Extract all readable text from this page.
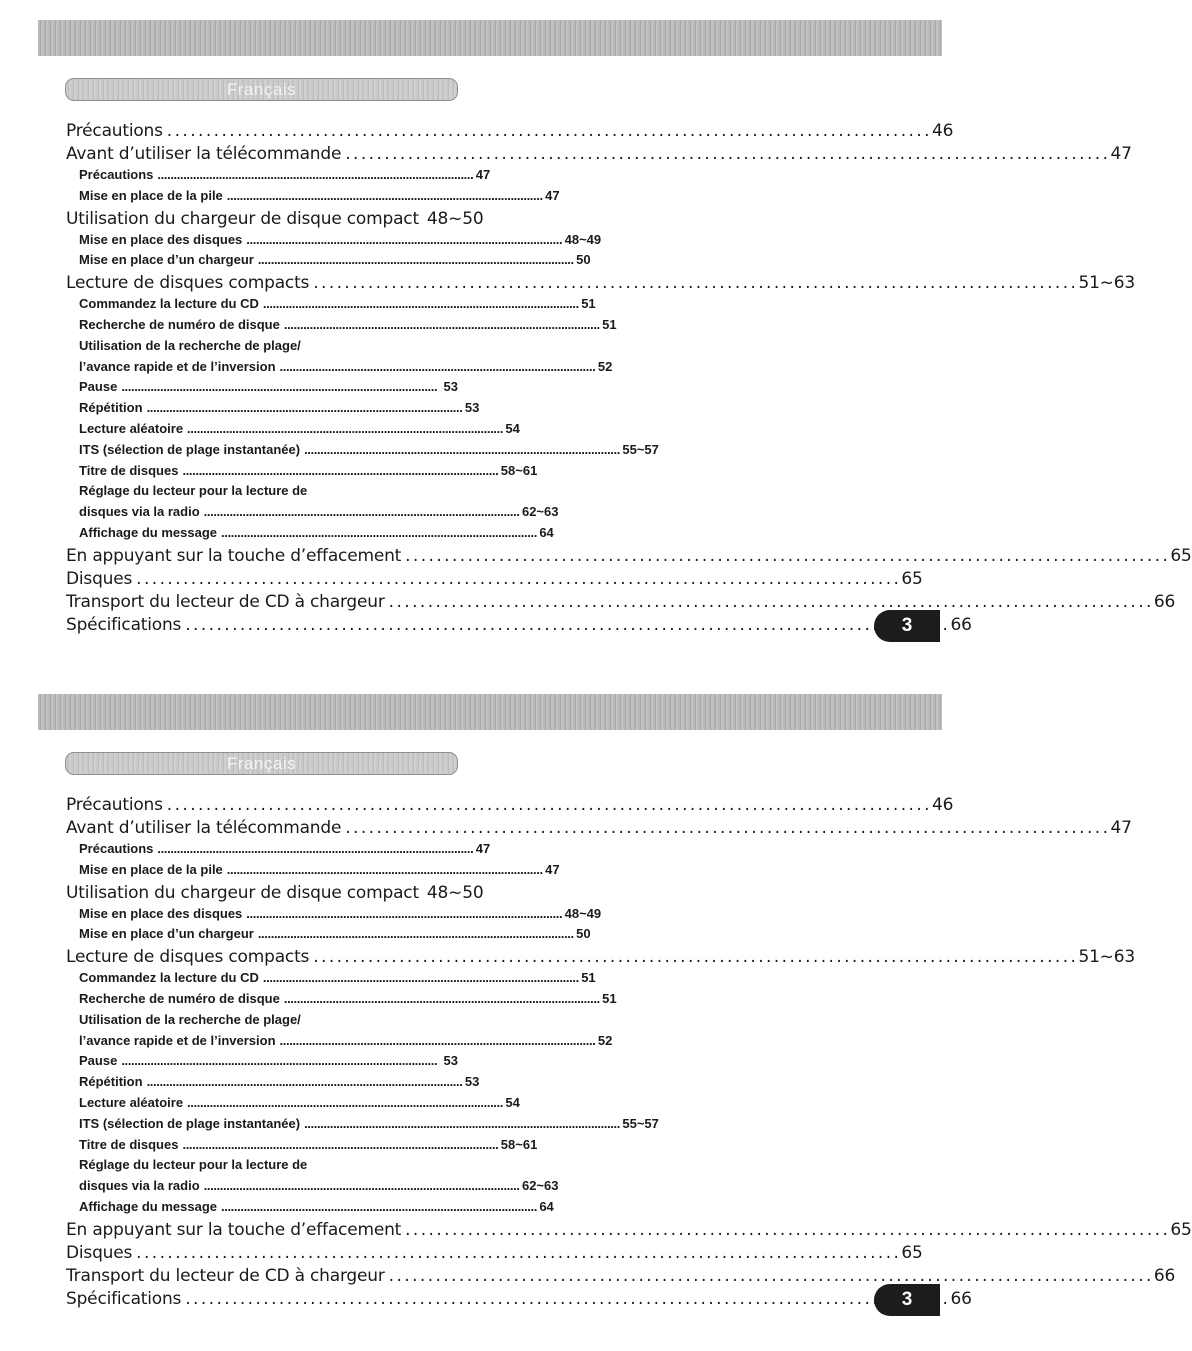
Français
Précautions . . .	46
Avant d’utiliser la télécommande . . .	47
Précautions . . .	47
Mise en place de la pile . . .	47
Utilisation du chargeur de disque compact 48~50
Mise en place des disques . . .	48~49
Mise en place d’un chargeur . . .	50
Lecture de disques compacts . . .	51~63
Commandez la lecture du CD . . .	51
Recherche de numéro de disque . . .	51
Utilisation de la recherche de plage/
l’avance rapide et de l’inversion . . .	52
Pause . . .	53
Répétition . . .	53
Lecture aléatoire . . .	54
ITS (sélection de plage instantanée) . . .	55~57
Titre de disques . . .	58~61
Réglage du lecteur pour la lecture de
disques via la radio . . .	62~63
Affichage du message . . .	64
En appuyant sur la touche d’effacement . . .	65
Disques . . .	65
Transport du lecteur de CD à chargeur . . .	66
Spécifications . . .	66
3
Français
Précautions . . .	46
Avant d’utiliser la télécommande . . .	47
Précautions . . .	47
Mise en place de la pile . . .	47
Utilisation du chargeur de disque compact 48~50
Mise en place des disques . . .	48~49
Mise en place d’un chargeur . . .	50
Lecture de disques compacts . . .	51~63
Commandez la lecture du CD . . .	51
Recherche de numéro de disque . . .	51
Utilisation de la recherche de plage/
l’avance rapide et de l’inversion . . .	52
Pause . . .	53
Répétition . . .	53
Lecture aléatoire . . .	54
ITS (sélection de plage instantanée) . . .	55~57
Titre de disques . . .	58~61
Réglage du lecteur pour la lecture de
disques via la radio . . .	62~63
Affichage du message . . .	64
En appuyant sur la touche d’effacement . . .	65
Disques . . .	65
Transport du lecteur de CD à chargeur . . .	66
Spécifications . . .	66
3
